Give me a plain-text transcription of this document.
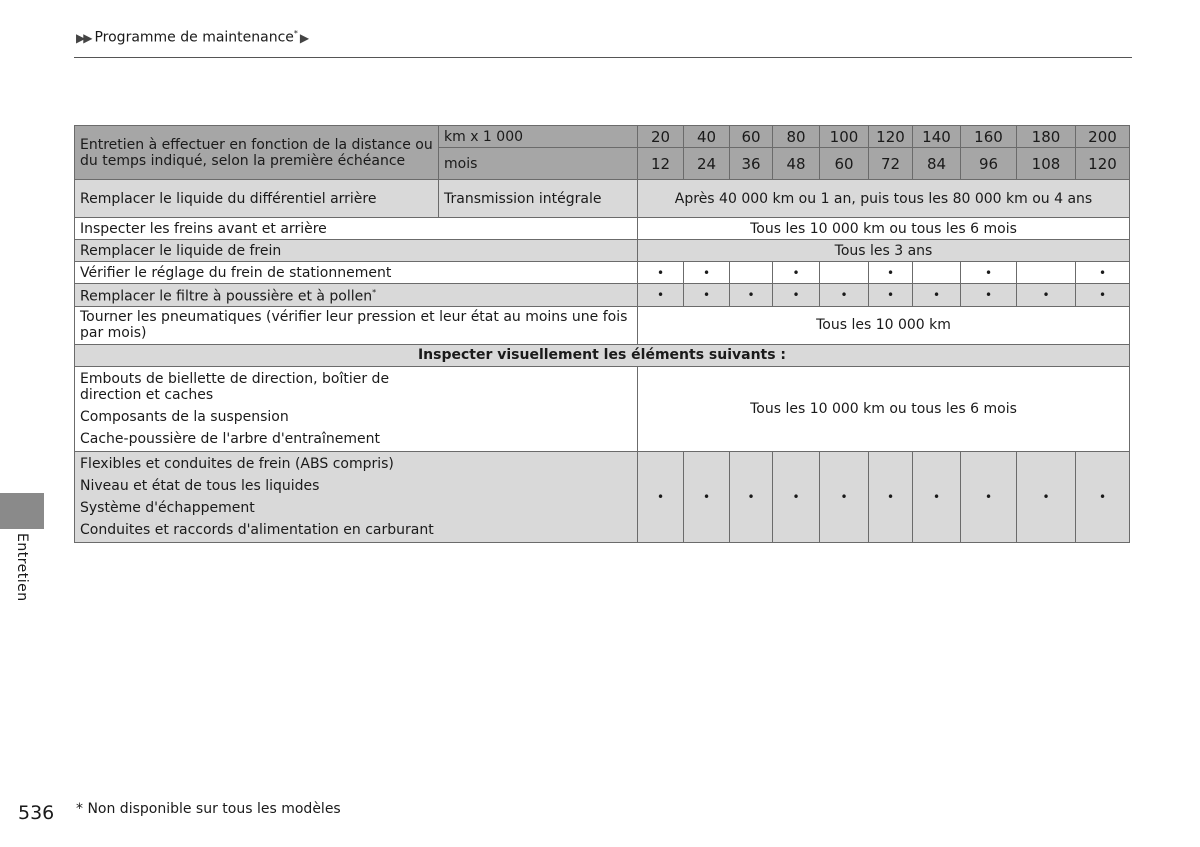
▶▶ Programme de maintenance* ▶
Entretien
Entretien à effectuer en fonction de la distance ou du temps indiqué, selon la première échéance	km x 1 000	20	40	60	80	100	120	140	160	180	200
	mois	12	24	36	48	60	72	84	96	108	120
Remplacer le liquide du différentiel arrière	Transmission intégrale	Après 40 000 km ou 1 an, puis tous les 80 000 km ou 4 ans									
Inspecter les freins avant et arrière		Tous les 10 000 km ou tous les 6 mois									
Remplacer le liquide de frein		Tous les 3 ans									
Vérifier le réglage du frein de stationnement		•	•		•		•		•		•
Remplacer le filtre à poussière et à pollen*		•	•	•	•	•	•	•	•	•	•
Tourner les pneumatiques (vérifier leur pression et leur état au moins une fois par mois)		Tous les 10 000 km									
Inspecter visuellement les éléments suivants :											

Embouts de biellette de direction, boîtier de direction et caches
Composants de la suspension
Cache-poussière de l'arbre d'entraînement		Tous les 10 000 km ou tous les 6 mois									

Flexibles et conduites de frein (ABS compris)
Niveau et état de tous les liquides
Système d'échappement
Conduites et raccords d'alimentation en carburant		•	•	•	•	•	•	•	•	•	•
536 * Non disponible sur tous les modèles
